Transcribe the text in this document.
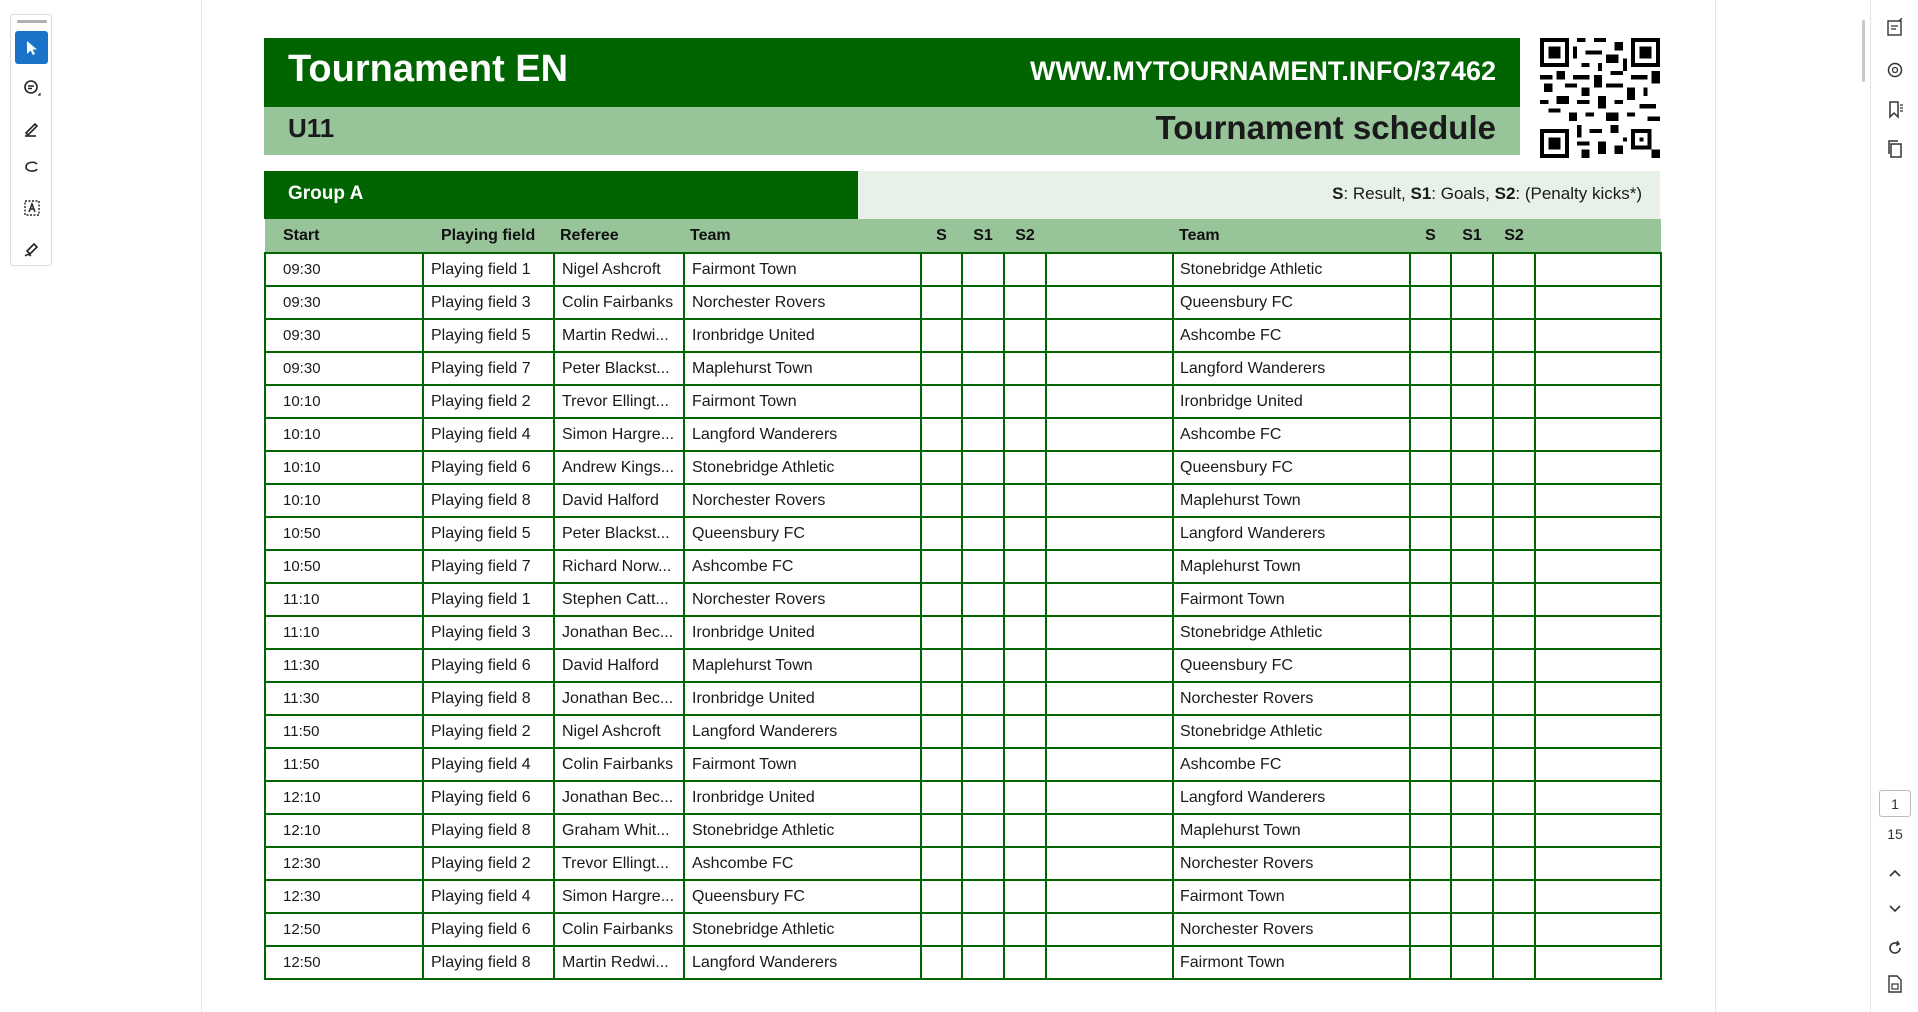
Tournament EN	WWW.MYTOURNAMENT.INFO/37462
U11	Tournament schedule
Group A	S: Result, S1: Goals, S2: (Penalty kicks*)
Start	Playing field	Referee	Team	S	S1	S2		Team	S	S1	S2	
09:30	Playing field 1	Nigel Ashcroft	Fairmont Town					Stonebridge Athletic				
09:30	Playing field 3	Colin Fairbanks	Norchester Rovers					Queensbury FC				
09:30	Playing field 5	Martin Redwi...	Ironbridge United					Ashcombe FC				
09:30	Playing field 7	Peter Blackst...	Maplehurst Town					Langford Wanderers				
10:10	Playing field 2	Trevor Ellingt...	Fairmont Town					Ironbridge United				
10:10	Playing field 4	Simon Hargre...	Langford Wanderers					Ashcombe FC				
10:10	Playing field 6	Andrew Kings...	Stonebridge Athletic					Queensbury FC				
10:10	Playing field 8	David Halford	Norchester Rovers					Maplehurst Town				
10:50	Playing field 5	Peter Blackst...	Queensbury FC					Langford Wanderers				
10:50	Playing field 7	Richard Norw...	Ashcombe FC					Maplehurst Town				
11:10	Playing field 1	Stephen Catt...	Norchester Rovers					Fairmont Town				
11:10	Playing field 3	Jonathan Bec...	Ironbridge United					Stonebridge Athletic				
11:30	Playing field 6	David Halford	Maplehurst Town					Queensbury FC				
11:30	Playing field 8	Jonathan Bec...	Ironbridge United					Norchester Rovers				
11:50	Playing field 2	Nigel Ashcroft	Langford Wanderers					Stonebridge Athletic				
11:50	Playing field 4	Colin Fairbanks	Fairmont Town					Ashcombe FC				
12:10	Playing field 6	Jonathan Bec...	Ironbridge United					Langford Wanderers				
12:10	Playing field 8	Graham Whit...	Stonebridge Athletic					Maplehurst Town				
12:30	Playing field 2	Trevor Ellingt...	Ashcombe FC					Norchester Rovers				
12:30	Playing field 4	Simon Hargre...	Queensbury FC					Fairmont Town				
12:50	Playing field 6	Colin Fairbanks	Stonebridge Athletic					Norchester Rovers				
12:50	Playing field 8	Martin Redwi...	Langford Wanderers					Fairmont Town				
1
15
